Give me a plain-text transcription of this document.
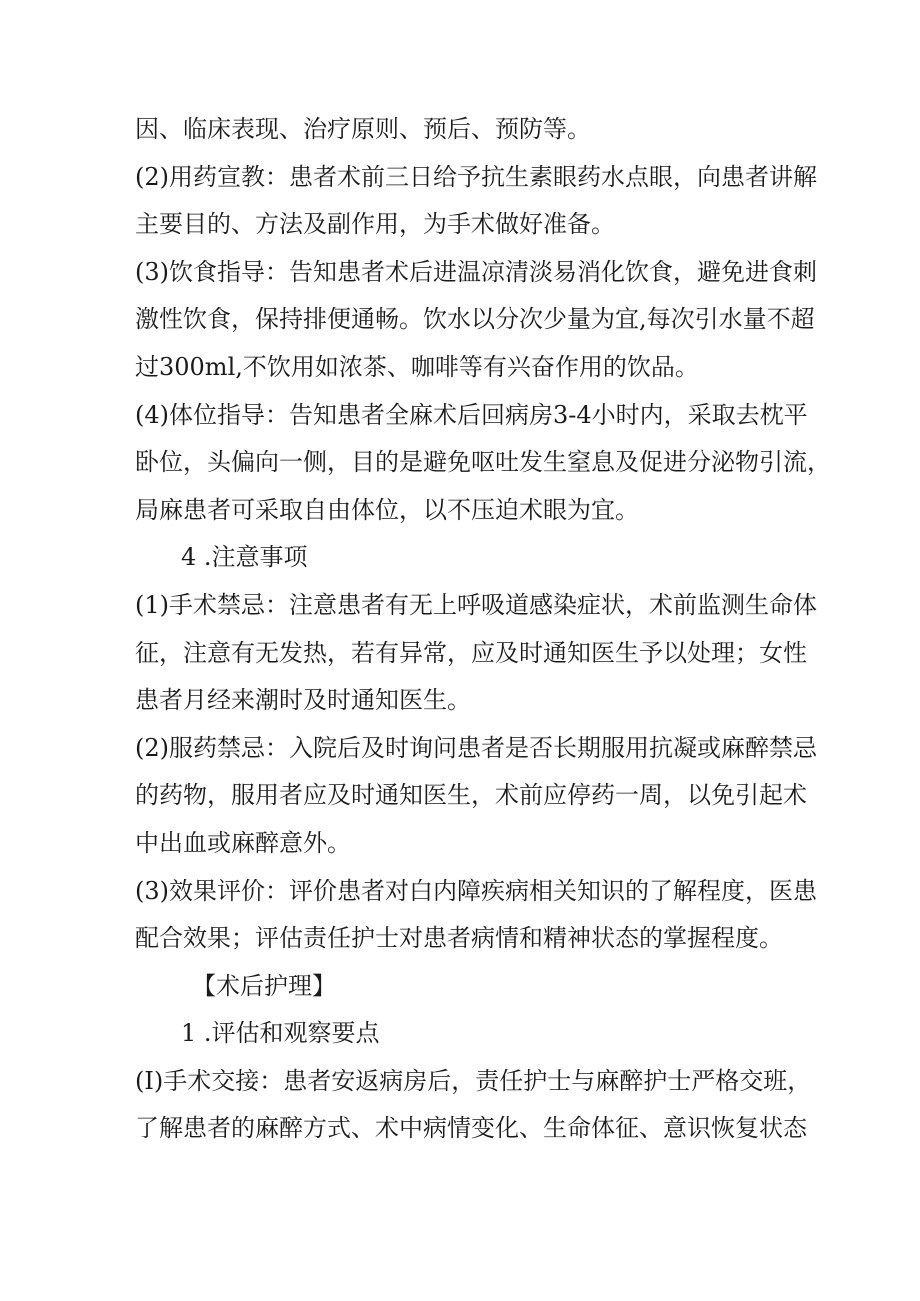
因、临床表现、治疗原则、预后、预防等。
(2)用药宣教：患者术前三日给予抗生素眼药水点眼，向患者讲解
主要目的、方法及副作用，为手术做好准备。
(3)饮食指导：告知患者术后进温凉清淡易消化饮食，避免进食刺
激性饮食，保持排便通畅。饮水以分次少量为宜,每次引水量不超
过300ml,不饮用如浓茶、咖啡等有兴奋作用的饮品。
(4)体位指导：告知患者全麻术后回病房3-4小时内，采取去枕平
卧位，头偏向一侧，目的是避免呕吐发生窒息及促进分泌物引流，
局麻患者可采取自由体位，以不压迫术眼为宜。
4 .注意事项
(1)手术禁忌：注意患者有无上呼吸道感染症状，术前监测生命体
征，注意有无发热，若有异常，应及时通知医生予以处理；女性
患者月经来潮时及时通知医生。
(2)服药禁忌：入院后及时询问患者是否长期服用抗凝或麻醉禁忌
的药物，服用者应及时通知医生，术前应停药一周，以免引起术
中出血或麻醉意外。
(3)效果评价：评价患者对白内障疾病相关知识的了解程度，医患
配合效果；评估责任护士对患者病情和精神状态的掌握程度。
【术后护理】
1 .评估和观察要点
(I)手术交接：患者安返病房后，责任护士与麻醉护士严格交班，
了解患者的麻醉方式、术中病情变化、生命体征、意识恢复状态
